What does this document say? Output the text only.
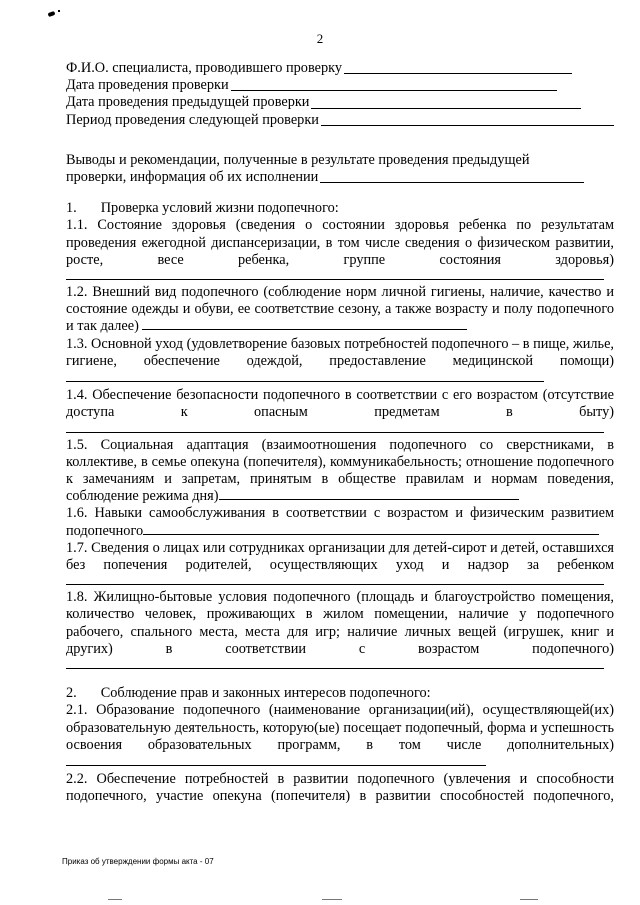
2
Ф.И.О. специалиста, проводившего проверку
Дата проведения проверки
Дата проведения предыдущей проверки
Период проведения следующей проверки
Выводы и рекомендации, полученные в результате проведения предыдущей
проверки, информация об их исполнении
1. Проверка условий жизни подопечного:
1.1. Состояние здоровья (сведения о состоянии здоровья ребенка по результатам проведения ежегодной диспансеризации, в том числе сведения о физическом развитии, росте, весе ребенка, группе состояния здоровья)
1.2. Внешний вид подопечного (соблюдение норм личной гигиены, наличие, качество и состояние одежды и обуви, ее соответствие сезону, а также возрасту и полу подопечного и так далее)
1.3. Основной уход (удовлетворение базовых потребностей подопечного – в пище, жилье, гигиене, обеспечение одеждой, предоставление медицинской помощи)
1.4. Обеспечение безопасности подопечного в соответствии с его возрастом (отсутствие доступа к опасным предметам в быту)
1.5. Социальная адаптация (взаимоотношения подопечного со сверстниками, в коллективе, в семье опекуна (попечителя), коммуникабельность; отношение подопечного к замечаниям и запретам, принятым в обществе правилам и нормам поведения, соблюдение режима дня)
1.6. Навыки самообслуживания в соответствии с возрастом и физическим развитием подопечного
1.7. Сведения о лицах или сотрудниках организации для детей-сирот и детей, оставшихся без попечения родителей, осуществляющих уход и надзор за ребенком
1.8. Жилищно-бытовые условия подопечного (площадь и благоустройство помещения, количество человек, проживающих в жилом помещении, наличие у подопечного рабочего, спального места, места для игр; наличие личных вещей (игрушек, книг и других) в соответствии с возрастом подопечного)
2. Соблюдение прав и законных интересов подопечного:
2.1. Образование подопечного (наименование организации(ий), осуществляющей(их) образовательную деятельность, которую(ые) посещает подопечный, форма и успешность освоения образовательных программ, в том числе дополнительных)
2.2. Обеспечение потребностей в развитии подопечного (увлечения и способности подопечного, участие опекуна (попечителя) в развитии способностей подопечного,
Приказ об утверждении формы акта - 07
